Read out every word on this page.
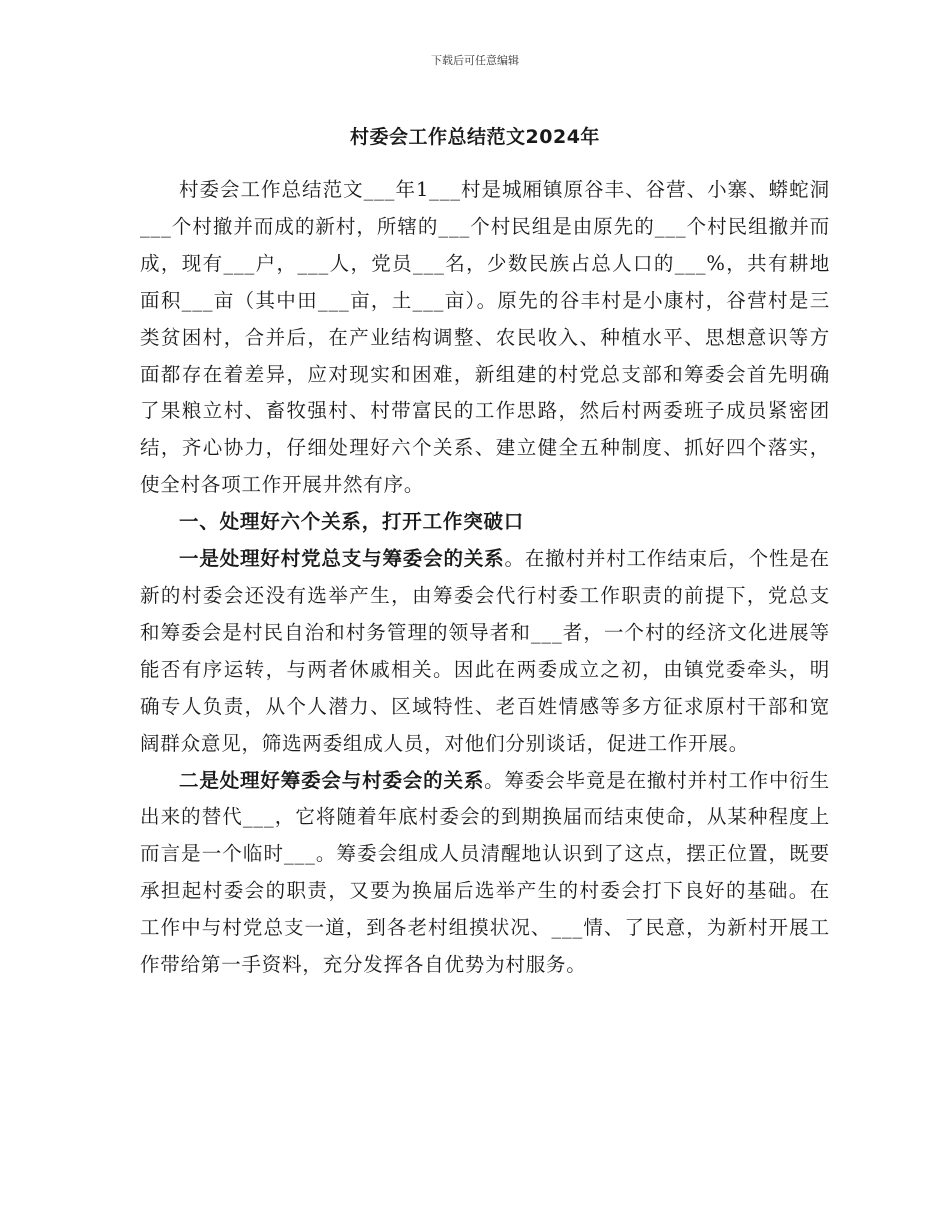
下载后可任意编辑
村委会工作总结范文2024年

村委会工作总结范文___年1___村是城厢镇原谷丰、谷营、小寨、蟒蛇洞___个村撤并而成的新村，所辖的___个村民组是由原先的___个村民组撤并而成，现有___户，___人，党员___名，少数民族占总人口的___%，共有耕地面积___亩（其中田___亩，土___亩）。原先的谷丰村是小康村，谷营村是三类贫困村，合并后，在产业结构调整、农民收入、种植水平、思想意识等方面都存在着差异，应对现实和困难，新组建的村党总支部和筹委会首先明确了果粮立村、畜牧强村、村带富民的工作思路，然后村两委班子成员紧密团结，齐心协力，仔细处理好六个关系、建立健全五种制度、抓好四个落实，使全村各项工作开展井然有序。

一、处理好六个关系，打开工作突破口

一是处理好村党总支与筹委会的关系。在撤村并村工作结束后，个性是在新的村委会还没有选举产生，由筹委会代行村委工作职责的前提下，党总支和筹委会是村民自治和村务管理的领导者和___者，一个村的经济文化进展等能否有序运转，与两者休戚相关。因此在两委成立之初，由镇党委牵头，明确专人负责，从个人潜力、区域特性、老百姓情感等多方征求原村干部和宽阔群众意见，筛选两委组成人员，对他们分别谈话，促进工作开展。

二是处理好筹委会与村委会的关系。筹委会毕竟是在撤村并村工作中衍生出来的替代___，它将随着年底村委会的到期换届而结束使命，从某种程度上而言是一个临时___。筹委会组成人员清醒地认识到了这点，摆正位置，既要承担起村委会的职责，又要为换届后选举产生的村委会打下良好的基础。在工作中与村党总支一道，到各老村组摸状况、___情、了民意，为新村开展工作带给第一手资料，充分发挥各自优势为村服务。
